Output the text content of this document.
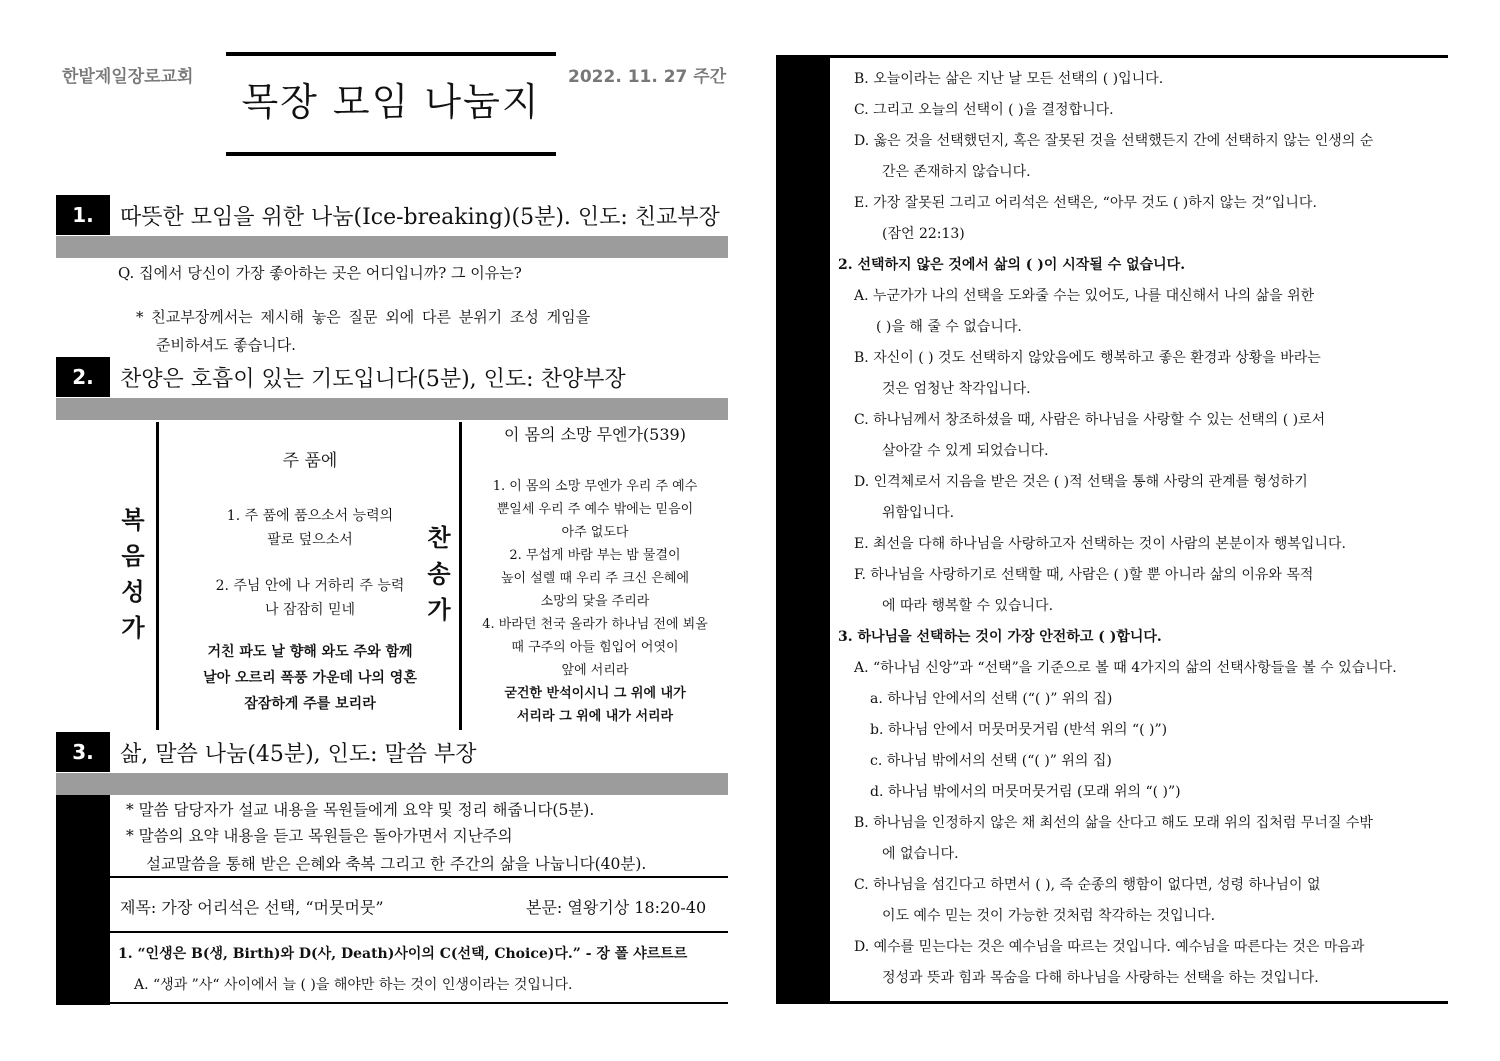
한밭제일장로교회	2022. 11. 27 주간
목장 모임 나눔지
1.	따뜻한 모임을 위한 나눔(Ice-breaking)(5분). 인도: 친교부장
Q. 집에서 당신이 가장 좋아하는 곳은 어디입니까? 그 이유는?
* 친교부장께서는 제시해 놓은 질문 외에 다른 분위기 조성 게임을
준비하셔도 좋습니다.
2.	찬양은 호흡이 있는 기도입니다(5분), 인도: 찬양부장
복
음
성
가
주 품에
1. 주 품에 품으소서 능력의
팔로 덮으소서
2. 주님 안에 나 거하리 주 능력
나 잠잠히 믿네
거친 파도 날 향해 와도 주와 함께
날아 오르리 폭풍 가운데 나의 영혼
잠잠하게 주를 보리라
찬
송
가
이 몸의 소망 무엔가(539)
1. 이 몸의 소망 무엔가 우리 주 예수
뿐일세 우리 주 예수 밖에는 믿음이
아주 없도다
2. 무섭게 바람 부는 밤 물결이
높이 설렐 때 우리 주 크신 은혜에
소망의 닻을 주리라
4. 바라던 천국 올라가 하나님 전에 뵈올
때 구주의 아들 힘입어 어엿이
앞에 서리라
굳건한 반석이시니 그 위에 내가
서리라 그 위에 내가 서리라
3.	삶, 말씀 나눔(45분), 인도: 말씀 부장
* 말씀 담당자가 설교 내용을 목원들에게 요약 및 정리 해줍니다(5분).
* 말씀의 요약 내용을 듣고 목원들은 돌아가면서 지난주의
설교말씀을 통해 받은 은혜와 축복 그리고 한 주간의 삶을 나눕니다(40분).
제목: 가장 어리석은 선택, “머뭇머뭇”	본문: 열왕기상 18:20-40
1. “인생은 B(생, Birth)와 D(사, Death)사이의 C(선택, Choice)다.” - 장 폴 샤르트르
A. “생과 ”사“ 사이에서 늘 ( )을 해야만 하는 것이 인생이라는 것입니다.
B. 오늘이라는 삶은 지난 날 모든 선택의 ( )입니다.
C. 그리고 오늘의 선택이 ( )을 결정합니다.
D. 옳은 것을 선택했던지, 혹은 잘못된 것을 선택했든지 간에 선택하지 않는 인생의 순
간은 존재하지 않습니다.
E. 가장 잘못된 그리고 어리석은 선택은, “아무 것도 ( )하지 않는 것”입니다.
(잠언 22:13)
2. 선택하지 않은 것에서 삶의 ( )이 시작될 수 없습니다.
A. 누군가가 나의 선택을 도와줄 수는 있어도, 나를 대신해서 나의 삶을 위한
( )을 해 줄 수 없습니다.
B. 자신이 ( ) 것도 선택하지 않았음에도 행복하고 좋은 환경과 상황을 바라는
것은 엄청난 착각입니다.
C. 하나님께서 창조하셨을 때, 사람은 하나님을 사랑할 수 있는 선택의 ( )로서
살아갈 수 있게 되었습니다.
D. 인격체로서 지음을 받은 것은 ( )적 선택을 통해 사랑의 관계를 형성하기
위함입니다.
E. 최선을 다해 하나님을 사랑하고자 선택하는 것이 사람의 본분이자 행복입니다.
F. 하나님을 사랑하기로 선택할 때, 사람은 ( )할 뿐 아니라 삶의 이유와 목적
에 따라 행복할 수 있습니다.
3. 하나님을 선택하는 것이 가장 안전하고 ( )합니다.
A. “하나님 신앙”과 “선택”을 기준으로 볼 때 4가지의 삶의 선택사항들을 볼 수 있습니다.
a. 하나님 안에서의 선택 (“( )” 위의 집)
b. 하나님 안에서 머뭇머뭇거림 (반석 위의 “( )”)
c. 하나님 밖에서의 선택 (“( )” 위의 집)
d. 하나님 밖에서의 머뭇머뭇거림 (모래 위의 “( )”)
B. 하나님을 인정하지 않은 채 최선의 삶을 산다고 해도 모래 위의 집처럼 무너질 수밖
에 없습니다.
C. 하나님을 섬긴다고 하면서 ( ), 즉 순종의 행함이 없다면, 성령 하나님이 없
이도 예수 믿는 것이 가능한 것처럼 착각하는 것입니다.
D. 예수를 믿는다는 것은 예수님을 따르는 것입니다. 예수님을 따른다는 것은 마음과
정성과 뜻과 힘과 목숨을 다해 하나님을 사랑하는 선택을 하는 것입니다.
